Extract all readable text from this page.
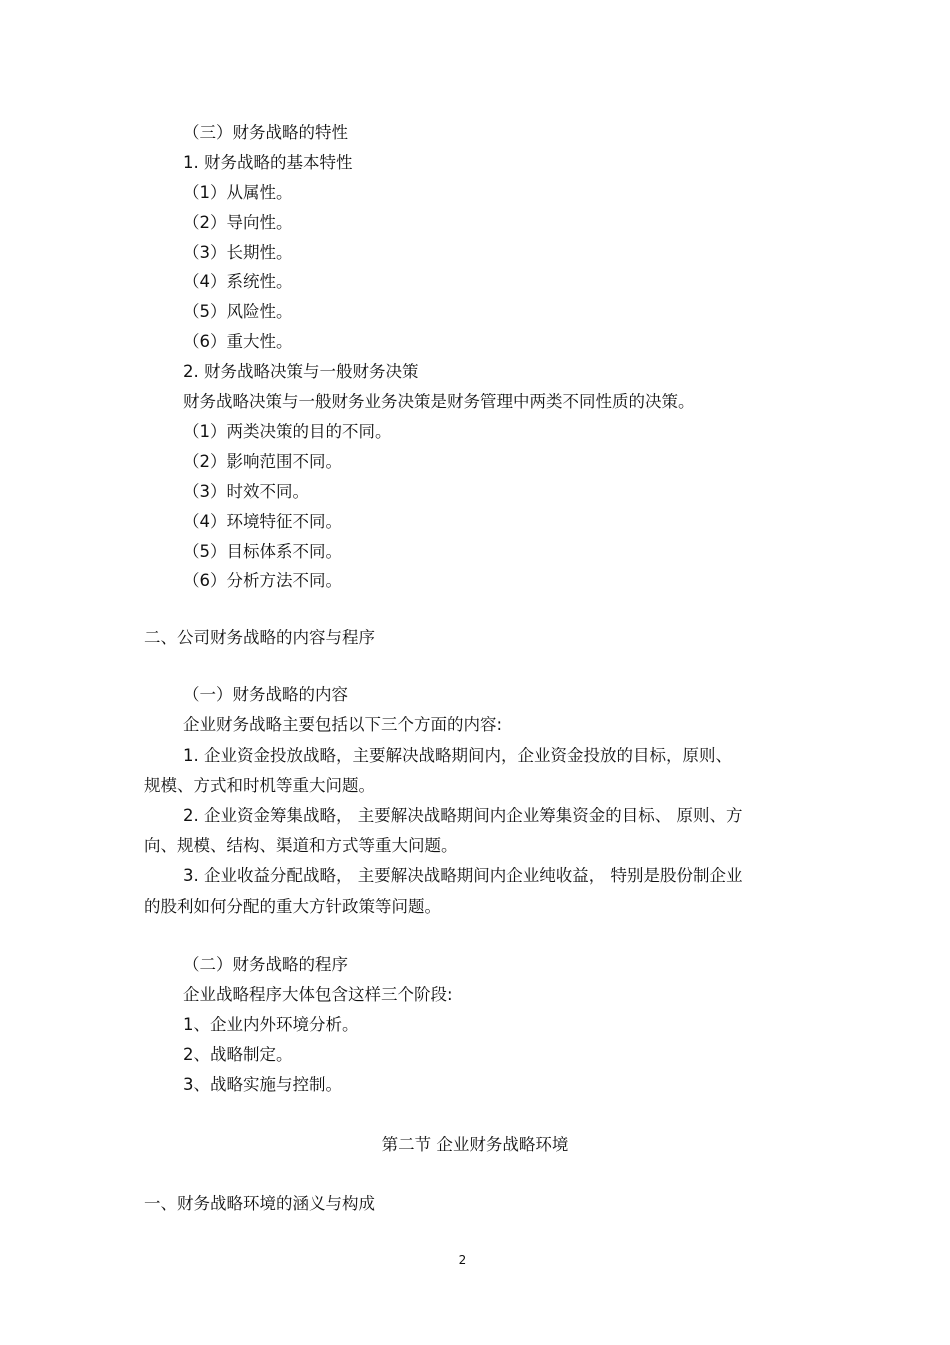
（三）财务战略的特性
1. 财务战略的基本特性
（1）从属性。
（2）导向性。
（3）长期性。
（4）系统性。
（5）风险性。
（6）重大性。
2. 财务战略决策与一般财务决策
财务战略决策与一般财务业务决策是财务管理中两类不同性质的决策。
（1）两类决策的目的不同。
（2）影响范围不同。
（3）时效不同。
（4）环境特征不同。
（5）目标体系不同。
（6）分析方法不同。
二、公司财务战略的内容与程序
（一）财务战略的内容
企业财务战略主要包括以下三个方面的内容:
1. 企业资金投放战略，主要解决战略期间内，企业资金投放的目标，原则、
规模、方式和时机等重大问题。
2. 企业资金筹集战略， 主要解决战略期间内企业筹集资金的目标、 原则、方
向、规模、结构、渠道和方式等重大问题。
3. 企业收益分配战略， 主要解决战略期间内企业纯收益， 特别是股份制企业
的股利如何分配的重大方针政策等问题。
（二）财务战略的程序
企业战略程序大体包含这样三个阶段:
1、企业内外环境分析。
2、战略制定。
3、战略实施与控制。
第二节 企业财务战略环境
一、财务战略环境的涵义与构成
2
